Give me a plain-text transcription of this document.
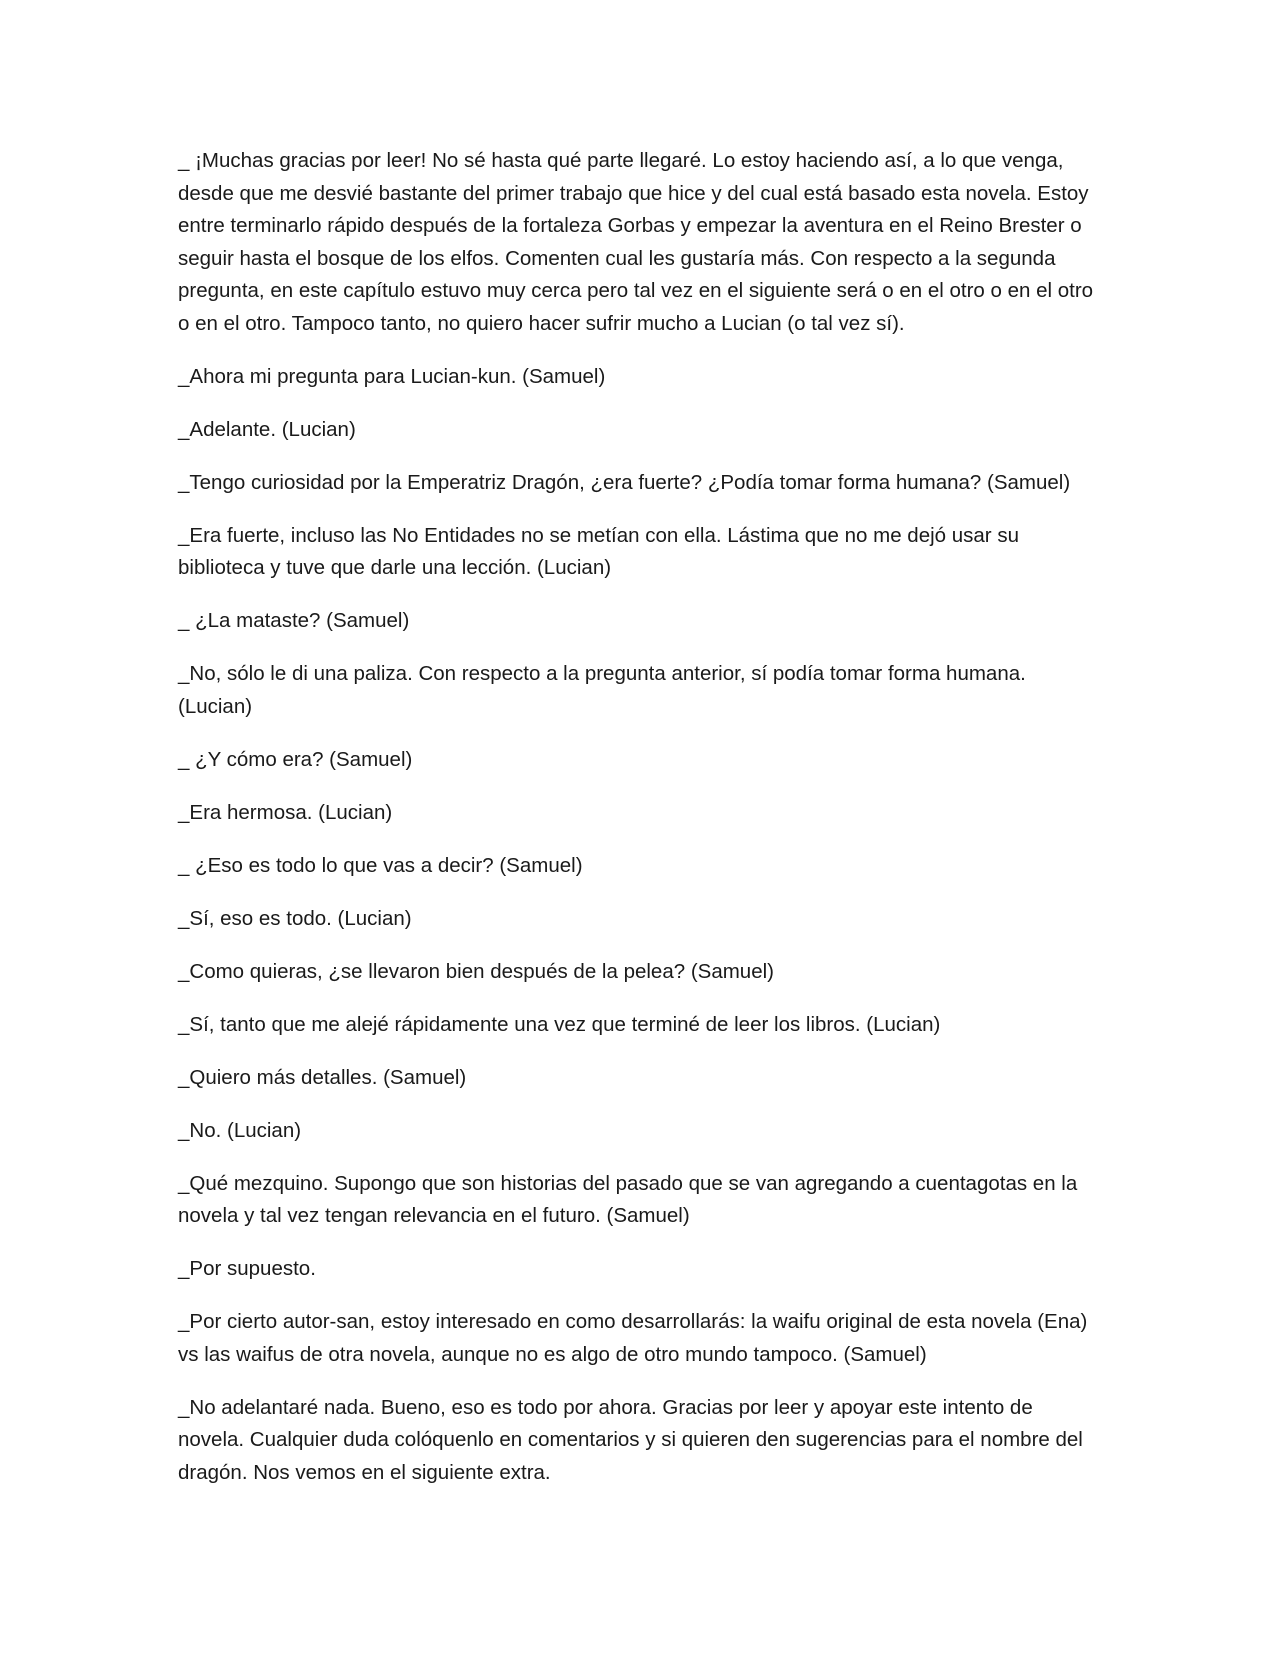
_ ¡Muchas gracias por leer! No sé hasta qué parte llegaré. Lo estoy haciendo así, a lo que venga, desde que me desvié bastante del primer trabajo que hice y del cual está basado esta novela. Estoy entre terminarlo rápido después de la fortaleza Gorbas y empezar la aventura en el Reino Brester o seguir hasta el bosque de los elfos. Comenten cual les gustaría más. Con respecto a la segunda pregunta, en este capítulo estuvo muy cerca pero tal vez en el siguiente será o en el otro o en el otro o en el otro. Tampoco tanto, no quiero hacer sufrir mucho a Lucian (o tal vez sí).

_Ahora mi pregunta para Lucian-kun. (Samuel)

_Adelante. (Lucian)

_Tengo curiosidad por la Emperatriz Dragón, ¿era fuerte? ¿Podía tomar forma humana? (Samuel)

_Era fuerte, incluso las No Entidades no se metían con ella. Lástima que no me dejó usar su biblioteca y tuve que darle una lección. (Lucian)

_ ¿La mataste? (Samuel)

_No, sólo le di una paliza. Con respecto a la pregunta anterior, sí podía tomar forma humana. (Lucian)

_ ¿Y cómo era? (Samuel)

_Era hermosa. (Lucian)

_ ¿Eso es todo lo que vas a decir? (Samuel)

_Sí, eso es todo. (Lucian)

_Como quieras, ¿se llevaron bien después de la pelea? (Samuel)

_Sí, tanto que me alejé rápidamente una vez que terminé de leer los libros. (Lucian)

_Quiero más detalles. (Samuel)

_No. (Lucian)

_Qué mezquino. Supongo que son historias del pasado que se van agregando a cuentagotas en la novela y tal vez tengan relevancia en el futuro. (Samuel)

_Por supuesto.

_Por cierto autor-san, estoy interesado en como desarrollarás: la waifu original de esta novela (Ena) vs las waifus de otra novela, aunque no es algo de otro mundo tampoco. (Samuel)

_No adelantaré nada. Bueno, eso es todo por ahora. Gracias por leer y apoyar este intento de novela. Cualquier duda colóquenlo en comentarios y si quieren den sugerencias para el nombre del dragón. Nos vemos en el siguiente extra.
